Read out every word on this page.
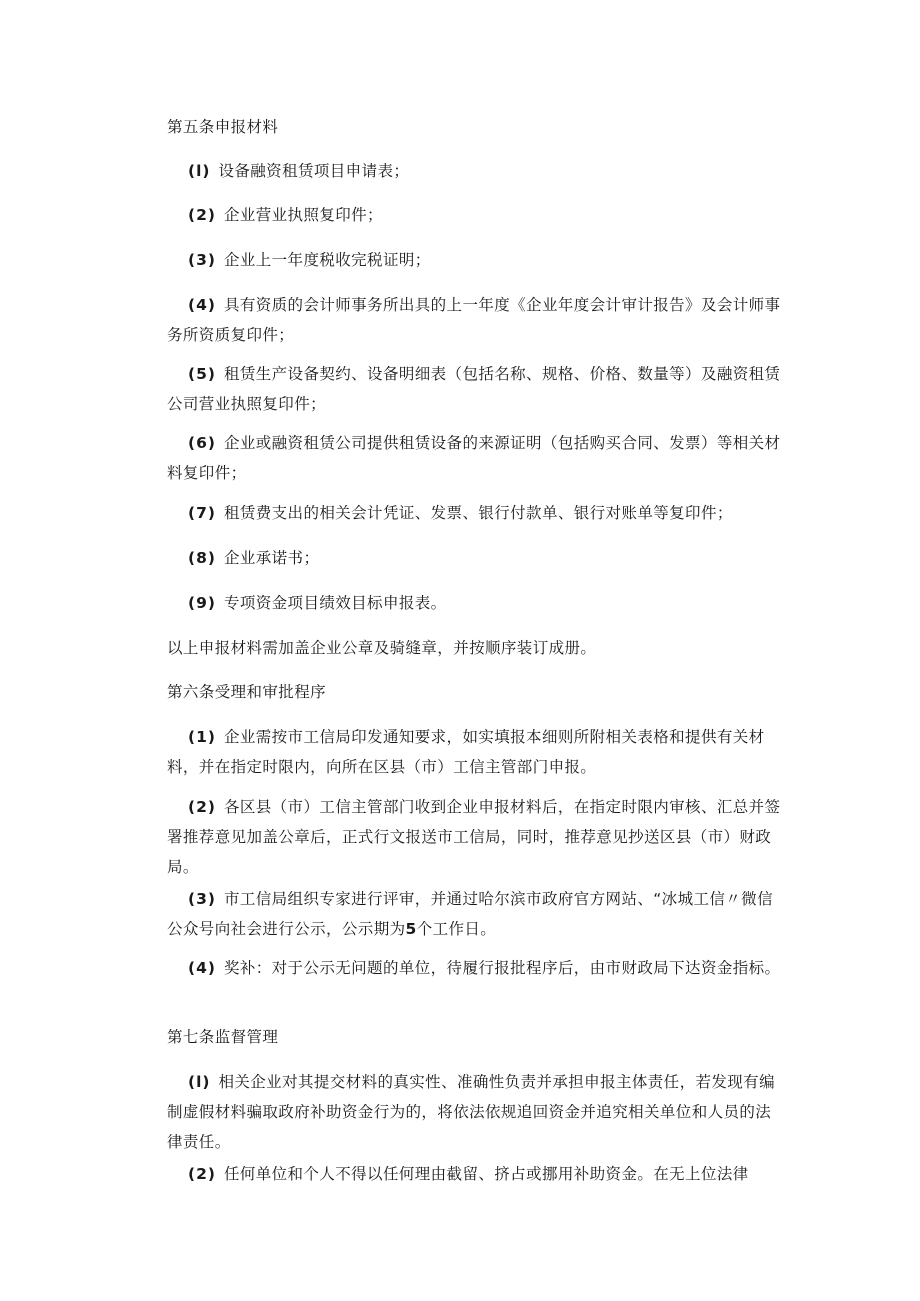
第五条申报材料
(l) 设备融资租赁项目申请表；
(2) 企业营业执照复印件；
(3) 企业上一年度税收完税证明；
(4) 具有资质的会计师事务所出具的上一年度《企业年度会计审计报告》及会计师事务所资质复印件；
(5) 租赁生产设备契约、设备明细表（包括名称、规格、价格、数量等）及融资租赁公司营业执照复印件；
(6) 企业或融资租赁公司提供租赁设备的来源证明（包括购买合同、发票）等相关材料复印件；
(7) 租赁费支出的相关会计凭证、发票、银行付款单、银行对账单等复印件；
(8) 企业承诺书；
(9) 专项资金项目绩效目标申报表。
以上申报材料需加盖企业公章及骑缝章，并按顺序装订成册。
第六条受理和审批程序
(1) 企业需按市工信局印发通知要求，如实填报本细则所附相关表格和提供有关材料，并在指定时限内，向所在区县（市）工信主管部门申报。
(2) 各区县（市）工信主管部门收到企业申报材料后，在指定时限内审核、汇总并签署推荐意见加盖公章后，正式行文报送市工信局，同时，推荐意见抄送区县（市）财政局。
(3) 市工信局组织专家进行评审，并通过哈尔滨市政府官方网站、“冰城工信〃微信公众号向社会进行公示，公示期为5个工作日。
(4) 奖补：对于公示无问题的单位，待履行报批程序后，由市财政局下达资金指标。
第七条监督管理
(l) 相关企业对其提交材料的真实性、准确性负责并承担申报主体责任，若发现有编制虚假材料骗取政府补助资金行为的，将依法依规追回资金并追究相关单位和人员的法律责任。
(2) 任何单位和个人不得以任何理由截留、挤占或挪用补助资金。在无上位法律
